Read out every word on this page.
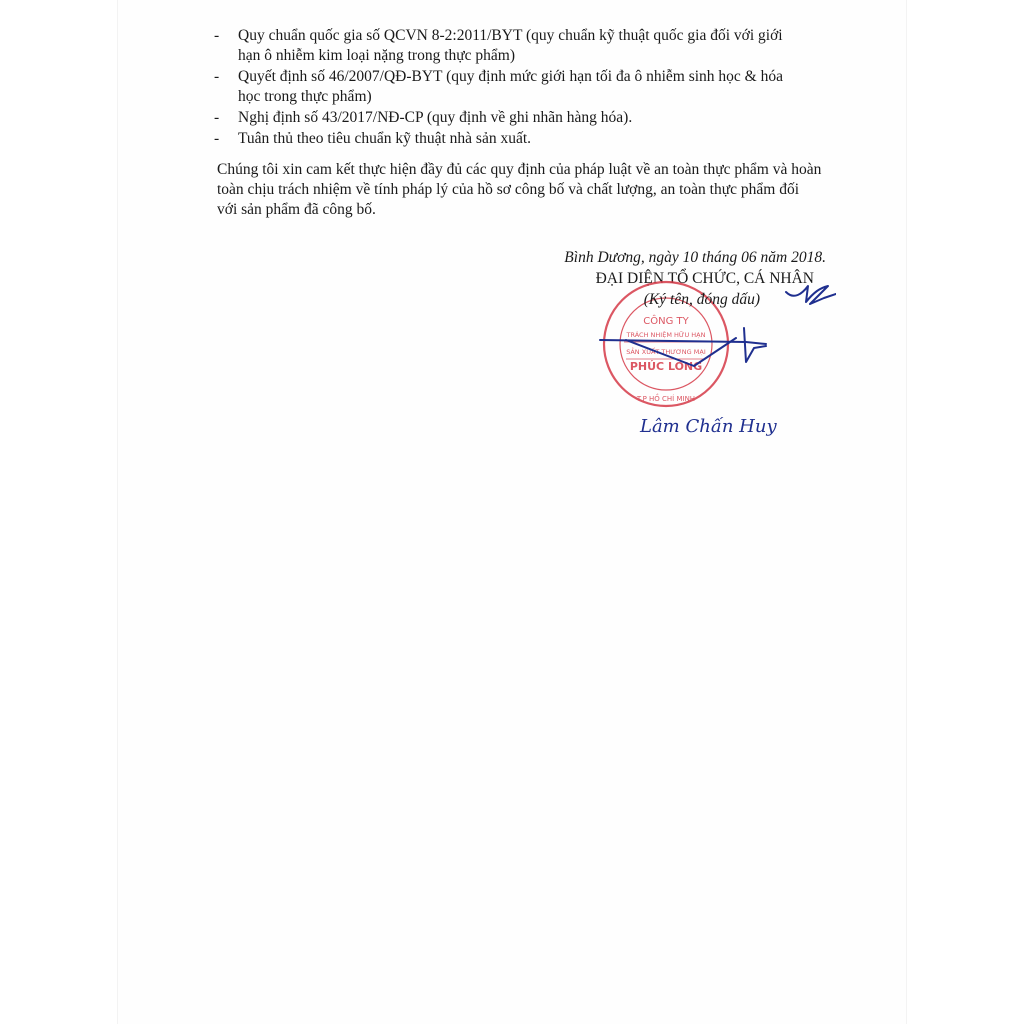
- Quy chuẩn quốc gia số QCVN 8-2:2011/BYT (quy chuẩn kỹ thuật quốc gia đối với giới
hạn ô nhiễm kim loại nặng trong thực phẩm)
- Quyết định số 46/2007/QĐ-BYT (quy định mức giới hạn tối đa ô nhiễm sinh học & hóa
học trong thực phẩm)
- Nghị định số 43/2017/NĐ-CP (quy định về ghi nhãn hàng hóa).
- Tuân thủ theo tiêu chuẩn kỹ thuật nhà sản xuất.
Chúng tôi xin cam kết thực hiện đầy đủ các quy định của pháp luật về an toàn thực phẩm và hoàn
toàn chịu trách nhiệm về tính pháp lý của hồ sơ công bố và chất lượng, an toàn thực phẩm đối
với sản phẩm đã công bố.
Bình Dương, ngày 10 tháng 06 năm 2018.
ĐẠI DIỆN TỔ CHỨC, CÁ NHÂN
CÔNG TY
TRÁCH NHIỆM HỮU HẠN
SẢN XUẤT THƯƠNG MẠI
PHÚC LONG
T.P HỒ CHÍ MINH
(Ký tên, đóng dấu)
Lâm Chấn Huy
